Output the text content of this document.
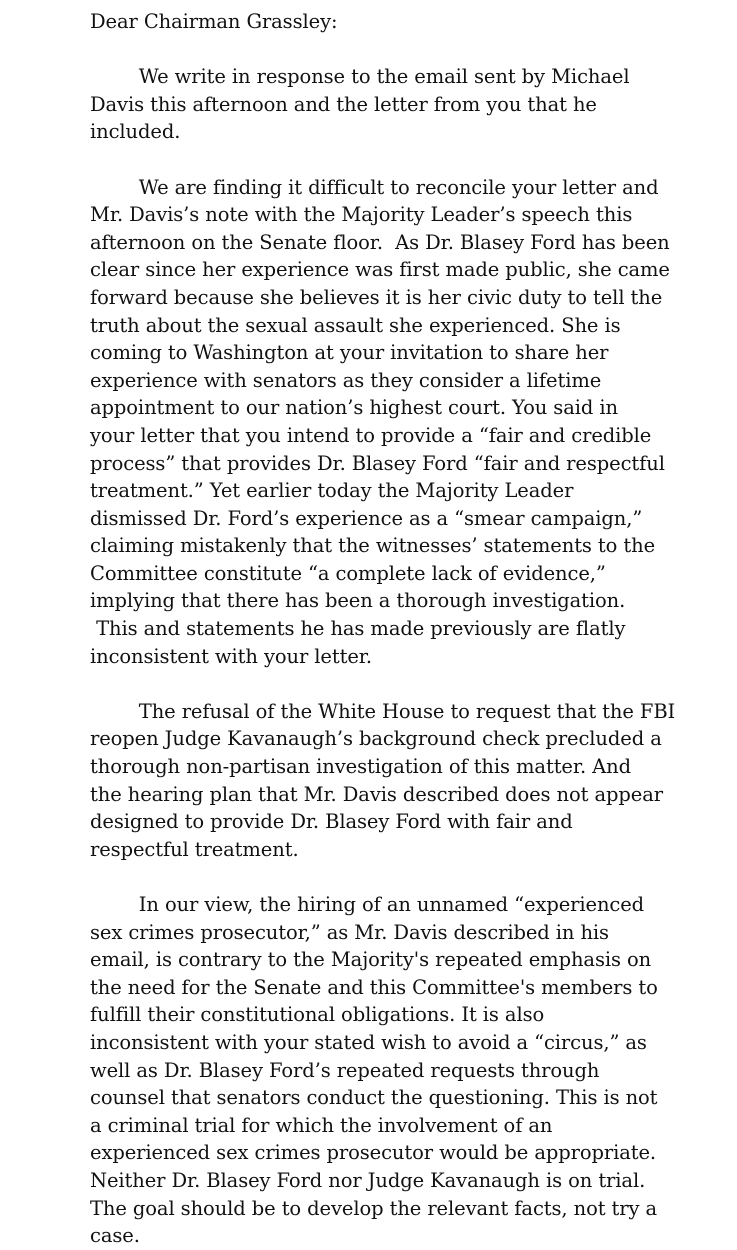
Dear Chairman Grassley:
We write in response to the email sent by Michael
Davis this afternoon and the letter from you that he
included.
We are finding it difficult to reconcile your letter and
Mr. Davis’s note with the Majority Leader’s speech this
afternoon on the Senate floor.  As Dr. Blasey Ford has been
clear since her experience was first made public, she came
forward because she believes it is her civic duty to tell the
truth about the sexual assault she experienced. She is
coming to Washington at your invitation to share her
experience with senators as they consider a lifetime
appointment to our nation’s highest court. You said in
your letter that you intend to provide a “fair and credible
process” that provides Dr. Blasey Ford “fair and respectful
treatment.” Yet earlier today the Majority Leader
dismissed Dr. Ford’s experience as a “smear campaign,”
claiming mistakenly that the witnesses’ statements to the
Committee constitute “a complete lack of evidence,”
implying that there has been a thorough investigation.
This and statements he has made previously are flatly
inconsistent with your letter.
The refusal of the White House to request that the FBI
reopen Judge Kavanaugh’s background check precluded a
thorough non-partisan investigation of this matter. And
the hearing plan that Mr. Davis described does not appear
designed to provide Dr. Blasey Ford with fair and
respectful treatment.
In our view, the hiring of an unnamed “experienced
sex crimes prosecutor,” as Mr. Davis described in his
email, is contrary to the Majority's repeated emphasis on
the need for the Senate and this Committee's members to
fulfill their constitutional obligations. It is also
inconsistent with your stated wish to avoid a “circus,” as
well as Dr. Blasey Ford’s repeated requests through
counsel that senators conduct the questioning. This is not
a criminal trial for which the involvement of an
experienced sex crimes prosecutor would be appropriate.
Neither Dr. Blasey Ford nor Judge Kavanaugh is on trial.
The goal should be to develop the relevant facts, not try a
case.
